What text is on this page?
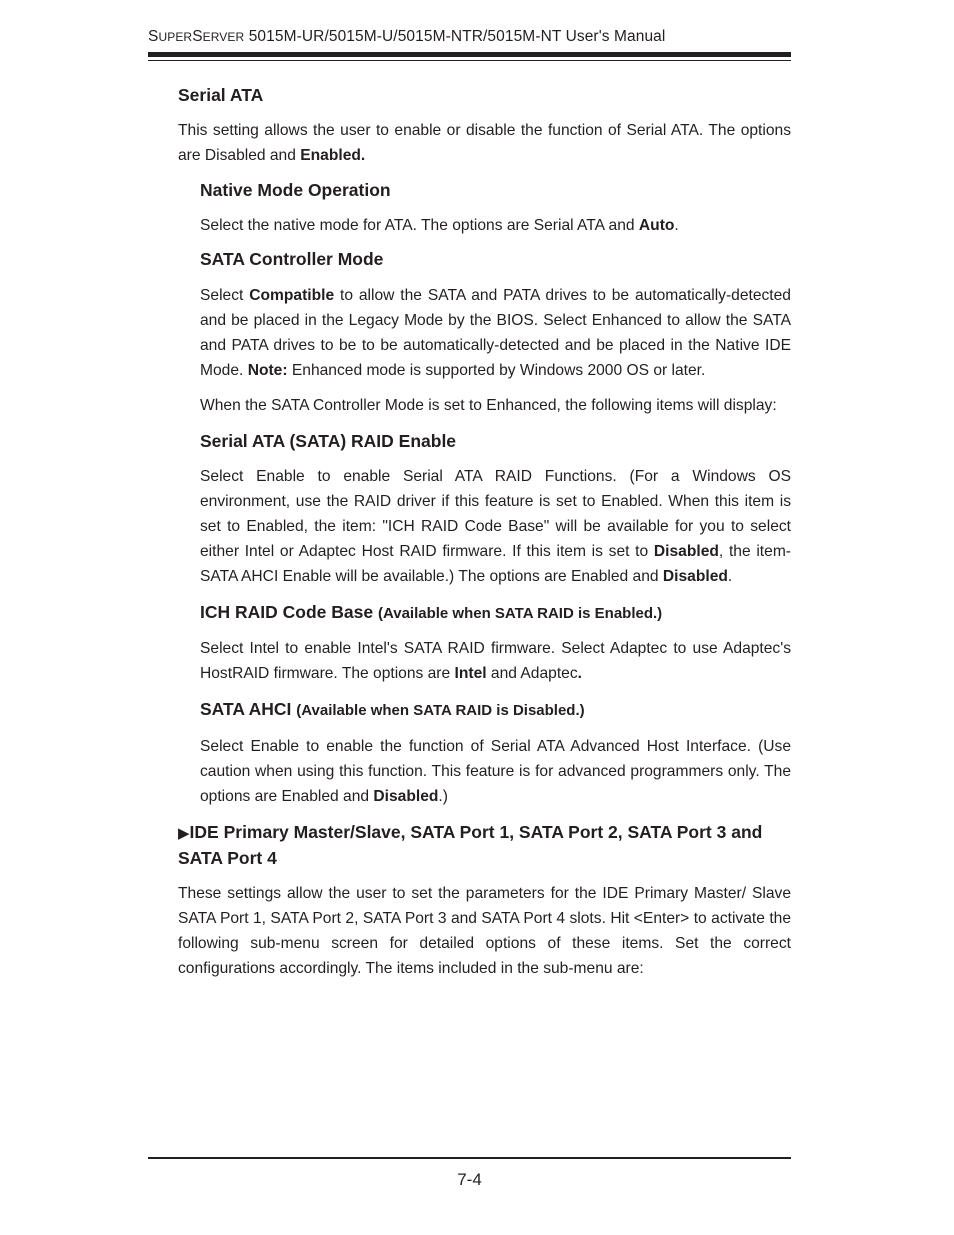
SUPERSERVER 5015M-UR/5015M-U/5015M-NTR/5015M-NT User's Manual

Serial ATA

This setting allows the user to enable or disable the function of Serial ATA. The options are Disabled and Enabled.

Native Mode Operation

Select the native mode for ATA. The options are Serial ATA and Auto.

SATA Controller Mode

Select Compatible to allow the SATA and PATA drives to be automatically-detected and be placed in the Legacy Mode by the BIOS. Select Enhanced to allow the SATA and PATA drives to be to be automatically-detected and be placed in the Native IDE Mode. Note: Enhanced mode is supported by Windows 2000 OS or later.

When the SATA Controller Mode is set to Enhanced, the following items will display:

Serial ATA (SATA) RAID Enable

Select Enable to enable Serial ATA RAID Functions. (For a Windows OS environment, use the RAID driver if this feature is set to Enabled. When this item is set to Enabled, the item: "ICH RAID Code Base" will be available for you to select either Intel or Adaptec Host RAID firmware. If this item is set to Disabled, the item-SATA AHCI Enable will be available.) The options are Enabled and Disabled.

ICH RAID Code Base (Available when SATA RAID is Enabled.)

Select Intel to enable Intel's SATA RAID firmware. Select Adaptec to use Adaptec's HostRAID firmware. The options are Intel and Adaptec.

SATA AHCI (Available when SATA RAID is Disabled.)

Select Enable to enable the function of Serial ATA Advanced Host Interface. (Use caution when using this function. This feature is for advanced programmers only. The options are Enabled and Disabled.)

▶IDE Primary Master/Slave, SATA Port 1, SATA Port 2, SATA Port 3 and SATA Port 4

These settings allow the user to set the parameters for the IDE Primary Master/ Slave SATA Port 1, SATA Port 2, SATA Port 3 and SATA Port 4 slots. Hit <Enter> to activate the following sub-menu screen for detailed options of these items. Set the correct configurations accordingly. The items included in the sub-menu are:

7-4
